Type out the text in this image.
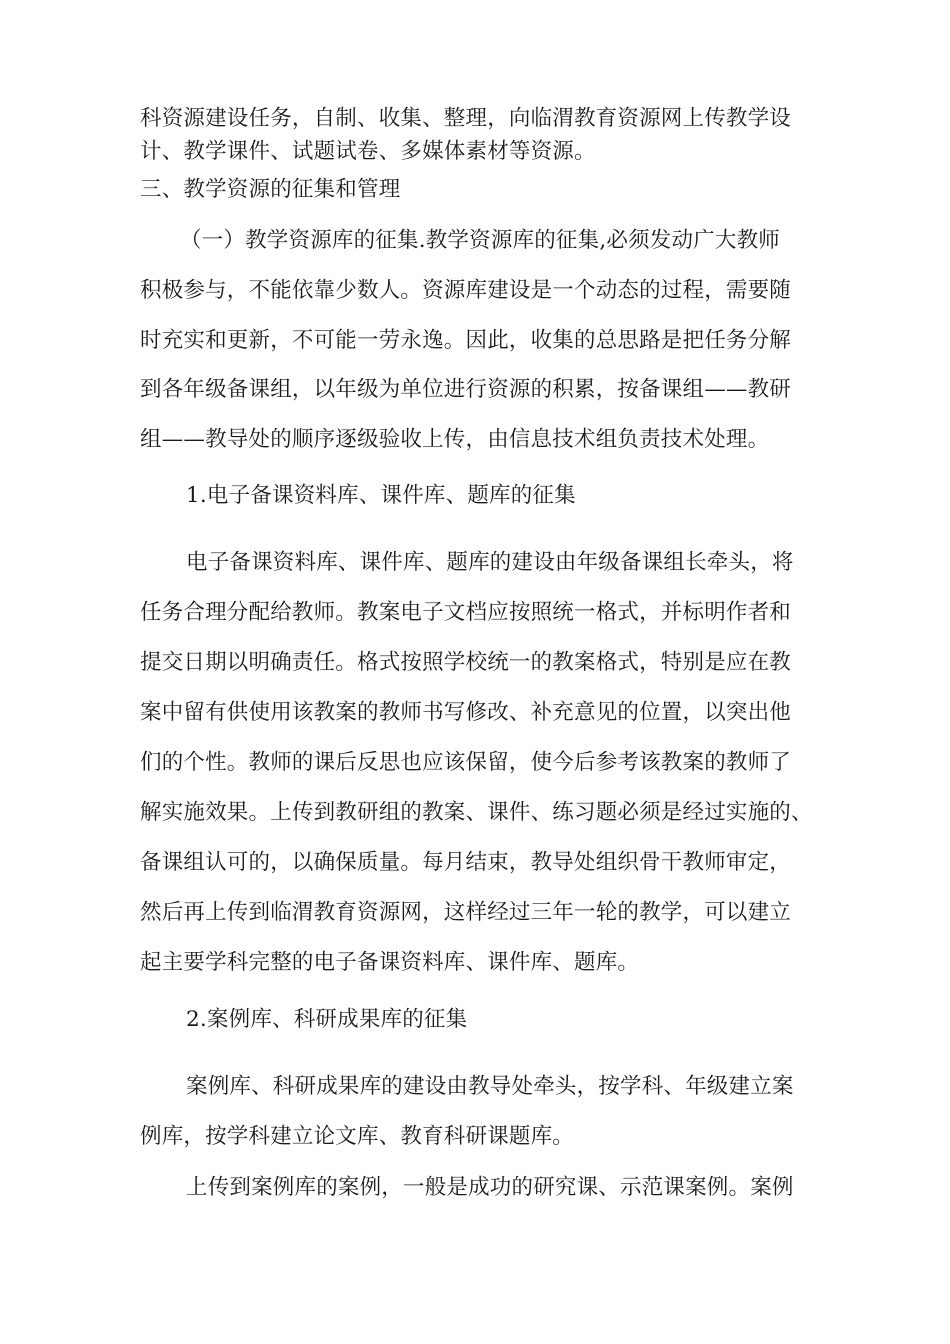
科资源建设任务，自制、收集、整理，向临渭教育资源网上传教学设
计、教学课件、试题试卷、多媒体素材等资源。
三、教学资源的征集和管理
（一）教学资源库的征集.教学资源库的征集,必须发动广大教师
积极参与，不能依靠少数人。资源库建设是一个动态的过程，需要随
时充实和更新，不可能一劳永逸。因此，收集的总思路是把任务分解
到各年级备课组，以年级为单位进行资源的积累，按备课组——教研
组——教导处的顺序逐级验收上传，由信息技术组负责技术处理。
1.电子备课资料库、课件库、题库的征集
电子备课资料库、课件库、题库的建设由年级备课组长牵头，将
任务合理分配给教师。教案电子文档应按照统一格式，并标明作者和
提交日期以明确责任。格式按照学校统一的教案格式，特别是应在教
案中留有供使用该教案的教师书写修改、补充意见的位置，以突出他
们的个性。教师的课后反思也应该保留，使今后参考该教案的教师了
解实施效果。上传到教研组的教案、课件、练习题必须是经过实施的、
备课组认可的，以确保质量。每月结束，教导处组织骨干教师审定，
然后再上传到临渭教育资源网，这样经过三年一轮的教学，可以建立
起主要学科完整的电子备课资料库、课件库、题库。
2.案例库、科研成果库的征集
案例库、科研成果库的建设由教导处牵头，按学科、年级建立案
例库，按学科建立论文库、教育科研课题库。
上传到案例库的案例，一般是成功的研究课、示范课案例。案例
